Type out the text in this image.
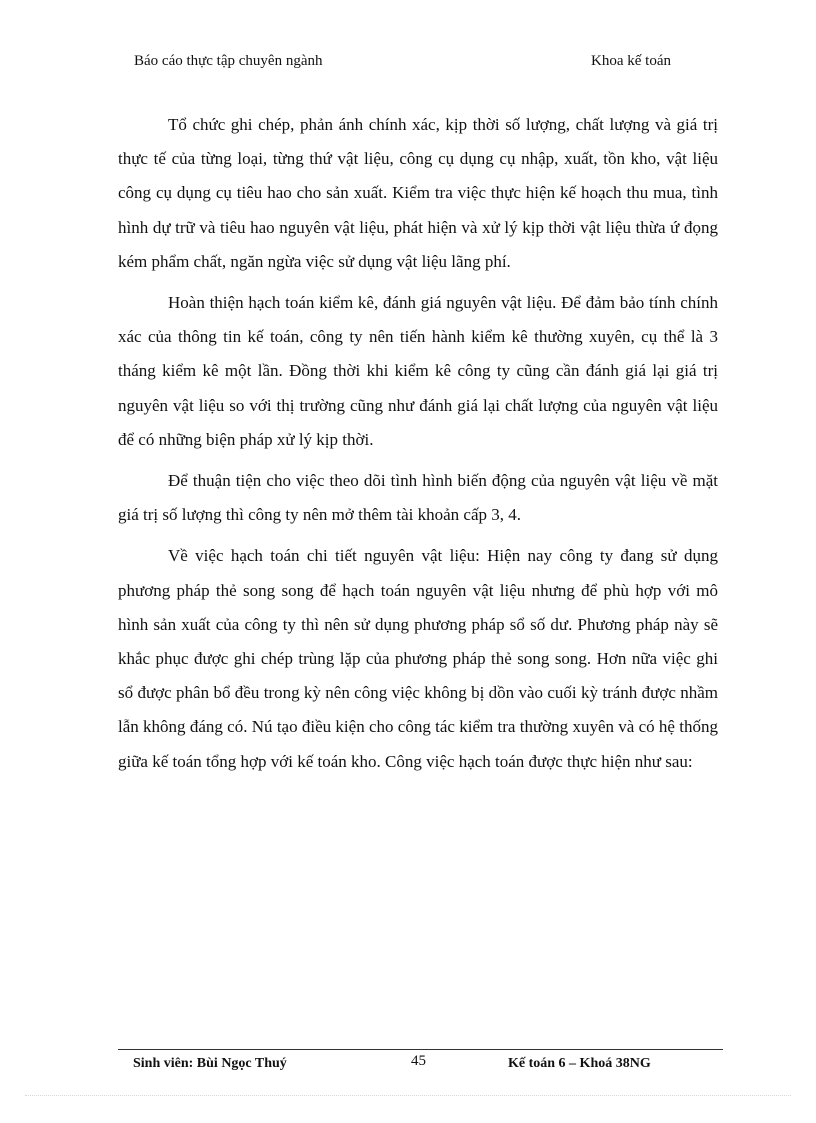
Báo cáo thực tập chuyên ngành	Khoa kế toán

Tổ chức ghi chép, phản ánh chính xác, kịp thời số lượng, chất lượng và giá trị thực tế của từng loại, từng thứ vật liệu, công cụ dụng cụ nhập, xuất, tồn kho, vật liệu công cụ dụng cụ tiêu hao cho sản xuất. Kiểm tra việc thực hiện kế hoạch thu mua, tình hình dự trữ và tiêu hao nguyên vật liệu, phát hiện và xử lý kịp thời vật liệu thừa ứ đọng kém phẩm chất, ngăn ngừa việc sử dụng vật liệu lãng phí.

Hoàn thiện hạch toán kiểm kê, đánh giá nguyên vật liệu. Để đảm bảo tính chính xác của thông tin kế toán, công ty nên tiến hành kiểm kê thường xuyên, cụ thể là 3 tháng kiểm kê một lần. Đồng thời khi kiểm kê công ty cũng cần đánh giá lại giá trị nguyên vật liệu so với thị trường cũng như đánh giá lại chất lượng của nguyên vật liệu để có những biện pháp xử lý kịp thời.

Để thuận tiện cho việc theo dõi tình hình biến động của nguyên vật liệu về mặt giá trị số lượng thì công ty nên mở thêm tài khoản cấp 3, 4.

Về việc hạch toán chi tiết nguyên vật liệu: Hiện nay công ty đang sử dụng phương pháp thẻ song song để hạch toán nguyên vật liệu nhưng để phù hợp với mô hình sản xuất của công ty thì nên sử dụng phương pháp sổ số dư. Phương pháp này sẽ khắc phục được ghi chép trùng lặp của phương pháp thẻ song song. Hơn nữa việc ghi sổ được phân bổ đều trong kỳ nên công việc không bị dồn vào cuối kỳ tránh được nhầm lẫn không đáng có. Nú tạo điều kiện cho công tác kiểm tra thường xuyên và có hệ thống giữa kế toán tổng hợp với kế toán kho. Công việc hạch toán được thực hiện như sau:

Sinh viên: Bùi Ngọc Thuý	45	Kế toán 6 – Khoá 38NG
